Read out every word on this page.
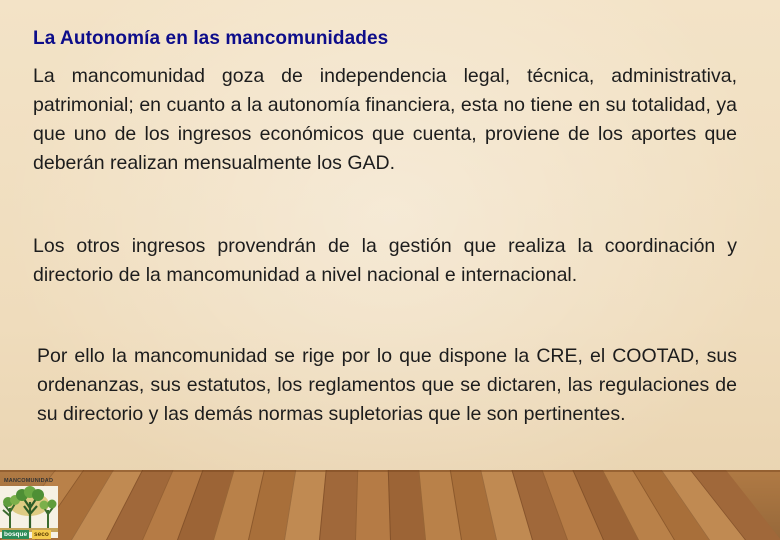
La Autonomía en las mancomunidades
La mancomunidad goza de independencia legal, técnica, administrativa, patrimonial; en cuanto a la autonomía financiera, esta no tiene en su totalidad, ya que uno de los ingresos económicos que cuenta, proviene de los aportes que deberán realizan mensualmente los GAD.
Los otros ingresos provendrán de la gestión que realiza la coordinación y directorio de la mancomunidad a nivel nacional e internacional.
Por ello la mancomunidad se rige por lo que dispone la CRE, el COOTAD, sus ordenanzas, sus estatutos, los reglamentos que se dictaren, las regulaciones de su directorio y las demás normas supletorias que le son pertinentes.
MANCOMUNIDAD
bosque	seco
